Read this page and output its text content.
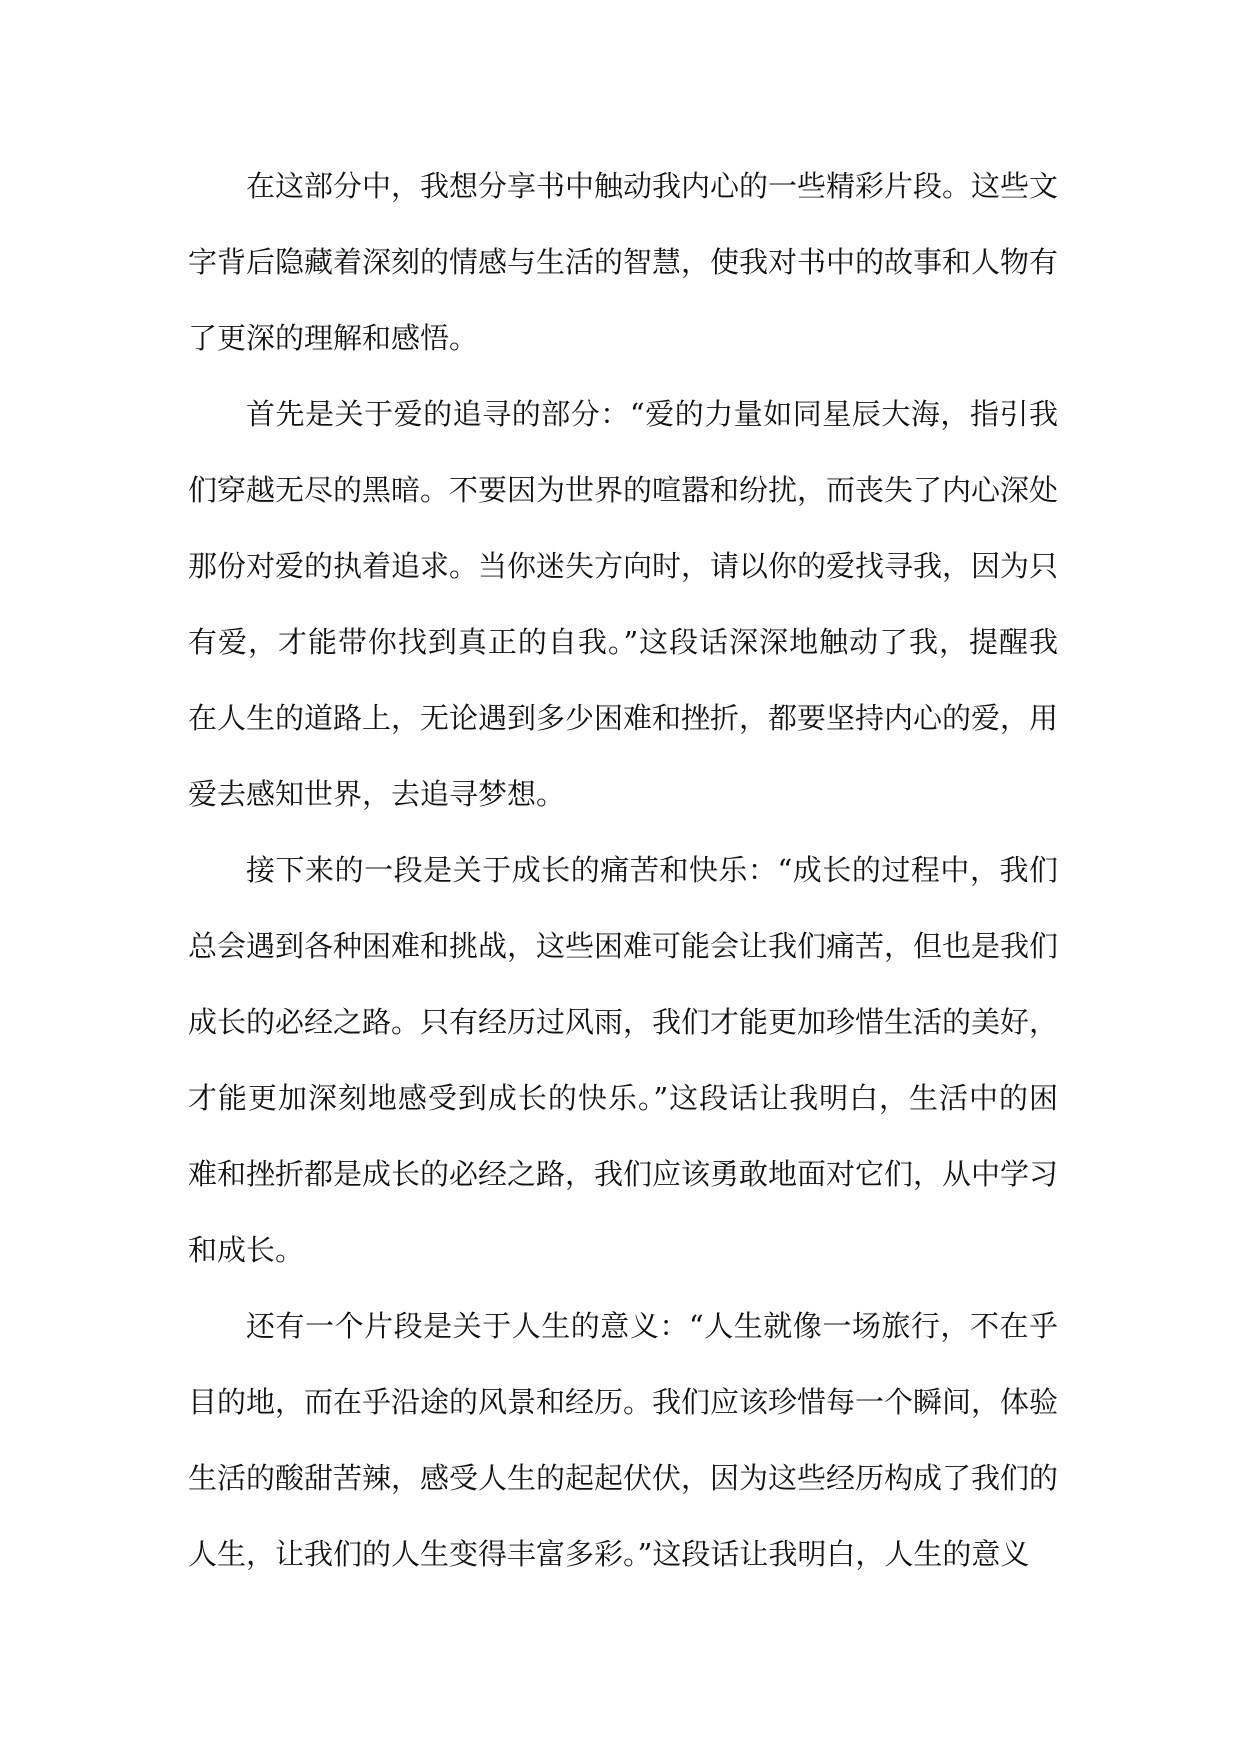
在这部分中，我想分享书中触动我内心的一些精彩片段。这些文字背后隐藏着深刻的情感与生活的智慧，使我对书中的故事和人物有了更深的理解和感悟。

首先是关于爱的追寻的部分：“爱的力量如同星辰大海，指引我们穿越无尽的黑暗。不要因为世界的喧嚣和纷扰，而丧失了内心深处那份对爱的执着追求。当你迷失方向时，请以你的爱找寻我，因为只有爱，才能带你找到真正的自我。”这段话深深地触动了我，提醒我在人生的道路上，无论遇到多少困难和挫折，都要坚持内心的爱，用爱去感知世界，去追寻梦想。

接下来的一段是关于成长的痛苦和快乐：“成长的过程中，我们总会遇到各种困难和挑战，这些困难可能会让我们痛苦，但也是我们成长的必经之路。只有经历过风雨，我们才能更加珍惜生活的美好，才能更加深刻地感受到成长的快乐。”这段话让我明白，生活中的困难和挫折都是成长的必经之路，我们应该勇敢地面对它们，从中学习和成长。

还有一个片段是关于人生的意义：“人生就像一场旅行，不在乎目的地，而在乎沿途的风景和经历。我们应该珍惜每一个瞬间，体验生活的酸甜苦辣，感受人生的起起伏伏，因为这些经历构成了我们的人生，让我们的人生变得丰富多彩。”这段话让我明白，人生的意义
